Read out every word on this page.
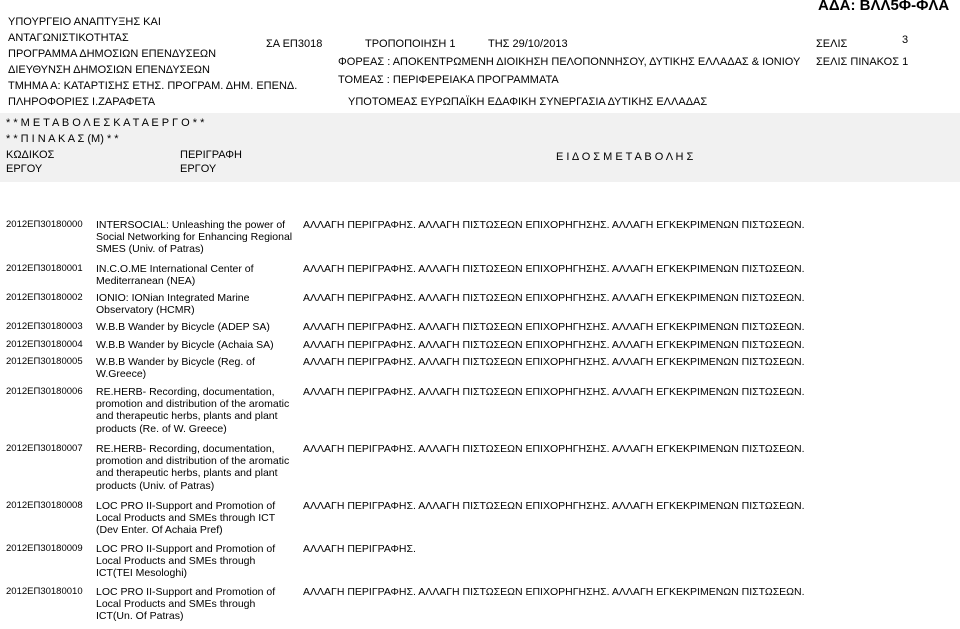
ΥΠΟΥΡΓΕΙΟ ΑΝΑΠΤΥΞΗΣ ΚΑΙ
ΑΝΤΑΓΩΝΙΣΤΙΚΟΤΗΤΑΣ
ΠΡΟΓΡΑΜΜΑ ΔΗΜΟΣΙΩΝ ΕΠΕΝΔΥΣΕΩΝ
ΔΙΕΥΘΥΝΣΗ ΔΗΜΟΣΙΩΝ ΕΠΕΝΔΥΣΕΩΝ
ΤΜΗΜΑ Α: ΚΑΤΑΡΤΙΣΗΣ ΕΤΗΣ. ΠΡΟΓΡΑΜ. ΔΗΜ. ΕΠΕΝΔ.
ΠΛΗΡΟΦΟΡΙΕΣ Ι.ΖΑΡΑΦΕΤΑ
ΣΑ ΕΠ3018	ΤΡΟΠΟΠΟΙΗΣΗ 1	ΤΗΣ 29/10/2013
ΑΔΑ: ΒΛΛ5Φ-ΦΛΑ
ΦΟΡΕΑΣ : ΑΠΟΚΕΝΤΡΩΜΕΝΗ ΔΙΟΙΚΗΣΗ ΠΕΛΟΠΟΝΝΗΣΟΥ, ΔΥΤΙΚΗΣ ΕΛΛΑΔΑΣ & ΙΟΝΙΟΥ
ΤΟΜΕΑΣ : ΠΕΡΙΦΕΡΕΙΑΚΑ ΠΡΟΓΡΑΜΜΑΤΑ
ΥΠΟΤΟΜΕΑΣ ΕΥΡΩΠΑΪΚΗ ΕΔΑΦΙΚΗ ΣΥΝΕΡΓΑΣΙΑ ΔΥΤΙΚΗΣ ΕΛΛΑΔΑΣ
ΣΕΛΙΣ	3
ΣΕΛΙΣ ΠΙΝΑΚΟΣ 1
* * Μ Ε Τ Α Β Ο Λ Ε Σ Κ Α Τ Α Ε Ρ Γ Ο * *
* * Π Ι Ν Α Κ Α Σ (Μ) * *
ΚΩΔΙΚΟΣ
ΕΡΓΟΥ
ΠΕΡΙΓΡΑΦΗ
ΕΡΓΟΥ
Ε Ι Δ Ο Σ Μ Ε Τ Α Β Ο Λ Η Σ
2012ΕΠ30180000 INTERSOCIAL: Unleashing the power of Social Networking for Enhancing Regional SMES (Univ. of Patras)
ΑΛΛΑΓΗ ΠΕΡΙΓΡΑΦΗΣ. ΑΛΛΑΓΗ ΠΙΣΤΩΣΕΩΝ ΕΠΙΧΟΡΗΓΗΣΗΣ. ΑΛΛΑΓΗ ΕΓΚΕΚΡΙΜΕΝΩΝ ΠΙΣΤΩΣΕΩΝ.
2012ΕΠ30180001 IN.C.O.ME International Center of Mediterranean (NEA)
ΑΛΛΑΓΗ ΠΕΡΙΓΡΑΦΗΣ. ΑΛΛΑΓΗ ΠΙΣΤΩΣΕΩΝ ΕΠΙΧΟΡΗΓΗΣΗΣ. ΑΛΛΑΓΗ ΕΓΚΕΚΡΙΜΕΝΩΝ ΠΙΣΤΩΣΕΩΝ.
2012ΕΠ30180002 IONIO: IONian Integrated Marine Observatory (HCMR)
ΑΛΛΑΓΗ ΠΕΡΙΓΡΑΦΗΣ. ΑΛΛΑΓΗ ΠΙΣΤΩΣΕΩΝ ΕΠΙΧΟΡΗΓΗΣΗΣ. ΑΛΛΑΓΗ ΕΓΚΕΚΡΙΜΕΝΩΝ ΠΙΣΤΩΣΕΩΝ.
2012ΕΠ30180003 W.B.B Wander by Bicycle (ADEP SA)	ΑΛΛΑΓΗ ΠΕΡΙΓΡΑΦΗΣ. ΑΛΛΑΓΗ ΠΙΣΤΩΣΕΩΝ ΕΠΙΧΟΡΗΓΗΣΗΣ. ΑΛΛΑΓΗ ΕΓΚΕΚΡΙΜΕΝΩΝ ΠΙΣΤΩΣΕΩΝ.
2012ΕΠ30180004 W.B.B Wander by Bicycle (Achaia SA)	ΑΛΛΑΓΗ ΠΕΡΙΓΡΑΦΗΣ. ΑΛΛΑΓΗ ΠΙΣΤΩΣΕΩΝ ΕΠΙΧΟΡΗΓΗΣΗΣ. ΑΛΛΑΓΗ ΕΓΚΕΚΡΙΜΕΝΩΝ ΠΙΣΤΩΣΕΩΝ.
2012ΕΠ30180005 W.B.B Wander by Bicycle (Reg. of W.Greece)
ΑΛΛΑΓΗ ΠΕΡΙΓΡΑΦΗΣ. ΑΛΛΑΓΗ ΠΙΣΤΩΣΕΩΝ ΕΠΙΧΟΡΗΓΗΣΗΣ. ΑΛΛΑΓΗ ΕΓΚΕΚΡΙΜΕΝΩΝ ΠΙΣΤΩΣΕΩΝ.
2012ΕΠ30180006 RE.HERB- Recording, documentation, promotion and distribution of the aromatic and therapeutic herbs, plants and plant products (Re. of W. Greece)
ΑΛΛΑΓΗ ΠΕΡΙΓΡΑΦΗΣ. ΑΛΛΑΓΗ ΠΙΣΤΩΣΕΩΝ ΕΠΙΧΟΡΗΓΗΣΗΣ. ΑΛΛΑΓΗ ΕΓΚΕΚΡΙΜΕΝΩΝ ΠΙΣΤΩΣΕΩΝ.
2012ΕΠ30180007 RE.HERB- Recording, documentation, promotion and distribution of the aromatic and therapeutic herbs, plants and plant products (Univ. of Patras)
ΑΛΛΑΓΗ ΠΕΡΙΓΡΑΦΗΣ. ΑΛΛΑΓΗ ΠΙΣΤΩΣΕΩΝ ΕΠΙΧΟΡΗΓΗΣΗΣ. ΑΛΛΑΓΗ ΕΓΚΕΚΡΙΜΕΝΩΝ ΠΙΣΤΩΣΕΩΝ.
2012ΕΠ30180008 LOC PRO II-Support and Promotion of Local Products and SMEs through ICT (Dev Enter. Of Achaia Pref)
ΑΛΛΑΓΗ ΠΕΡΙΓΡΑΦΗΣ. ΑΛΛΑΓΗ ΠΙΣΤΩΣΕΩΝ ΕΠΙΧΟΡΗΓΗΣΗΣ. ΑΛΛΑΓΗ ΕΓΚΕΚΡΙΜΕΝΩΝ ΠΙΣΤΩΣΕΩΝ.
2012ΕΠ30180009 LOC PRO II-Support and Promotion of Local Products and SMEs through ICT(TEI Mesologhi)
ΑΛΛΑΓΗ ΠΕΡΙΓΡΑΦΗΣ.
2012ΕΠ30180010 LOC PRO II-Support and Promotion of Local Products and SMEs through ICT(Un. Of Patras)
ΑΛΛΑΓΗ ΠΕΡΙΓΡΑΦΗΣ. ΑΛΛΑΓΗ ΠΙΣΤΩΣΕΩΝ ΕΠΙΧΟΡΗΓΗΣΗΣ. ΑΛΛΑΓΗ ΕΓΚΕΚΡΙΜΕΝΩΝ ΠΙΣΤΩΣΕΩΝ.
